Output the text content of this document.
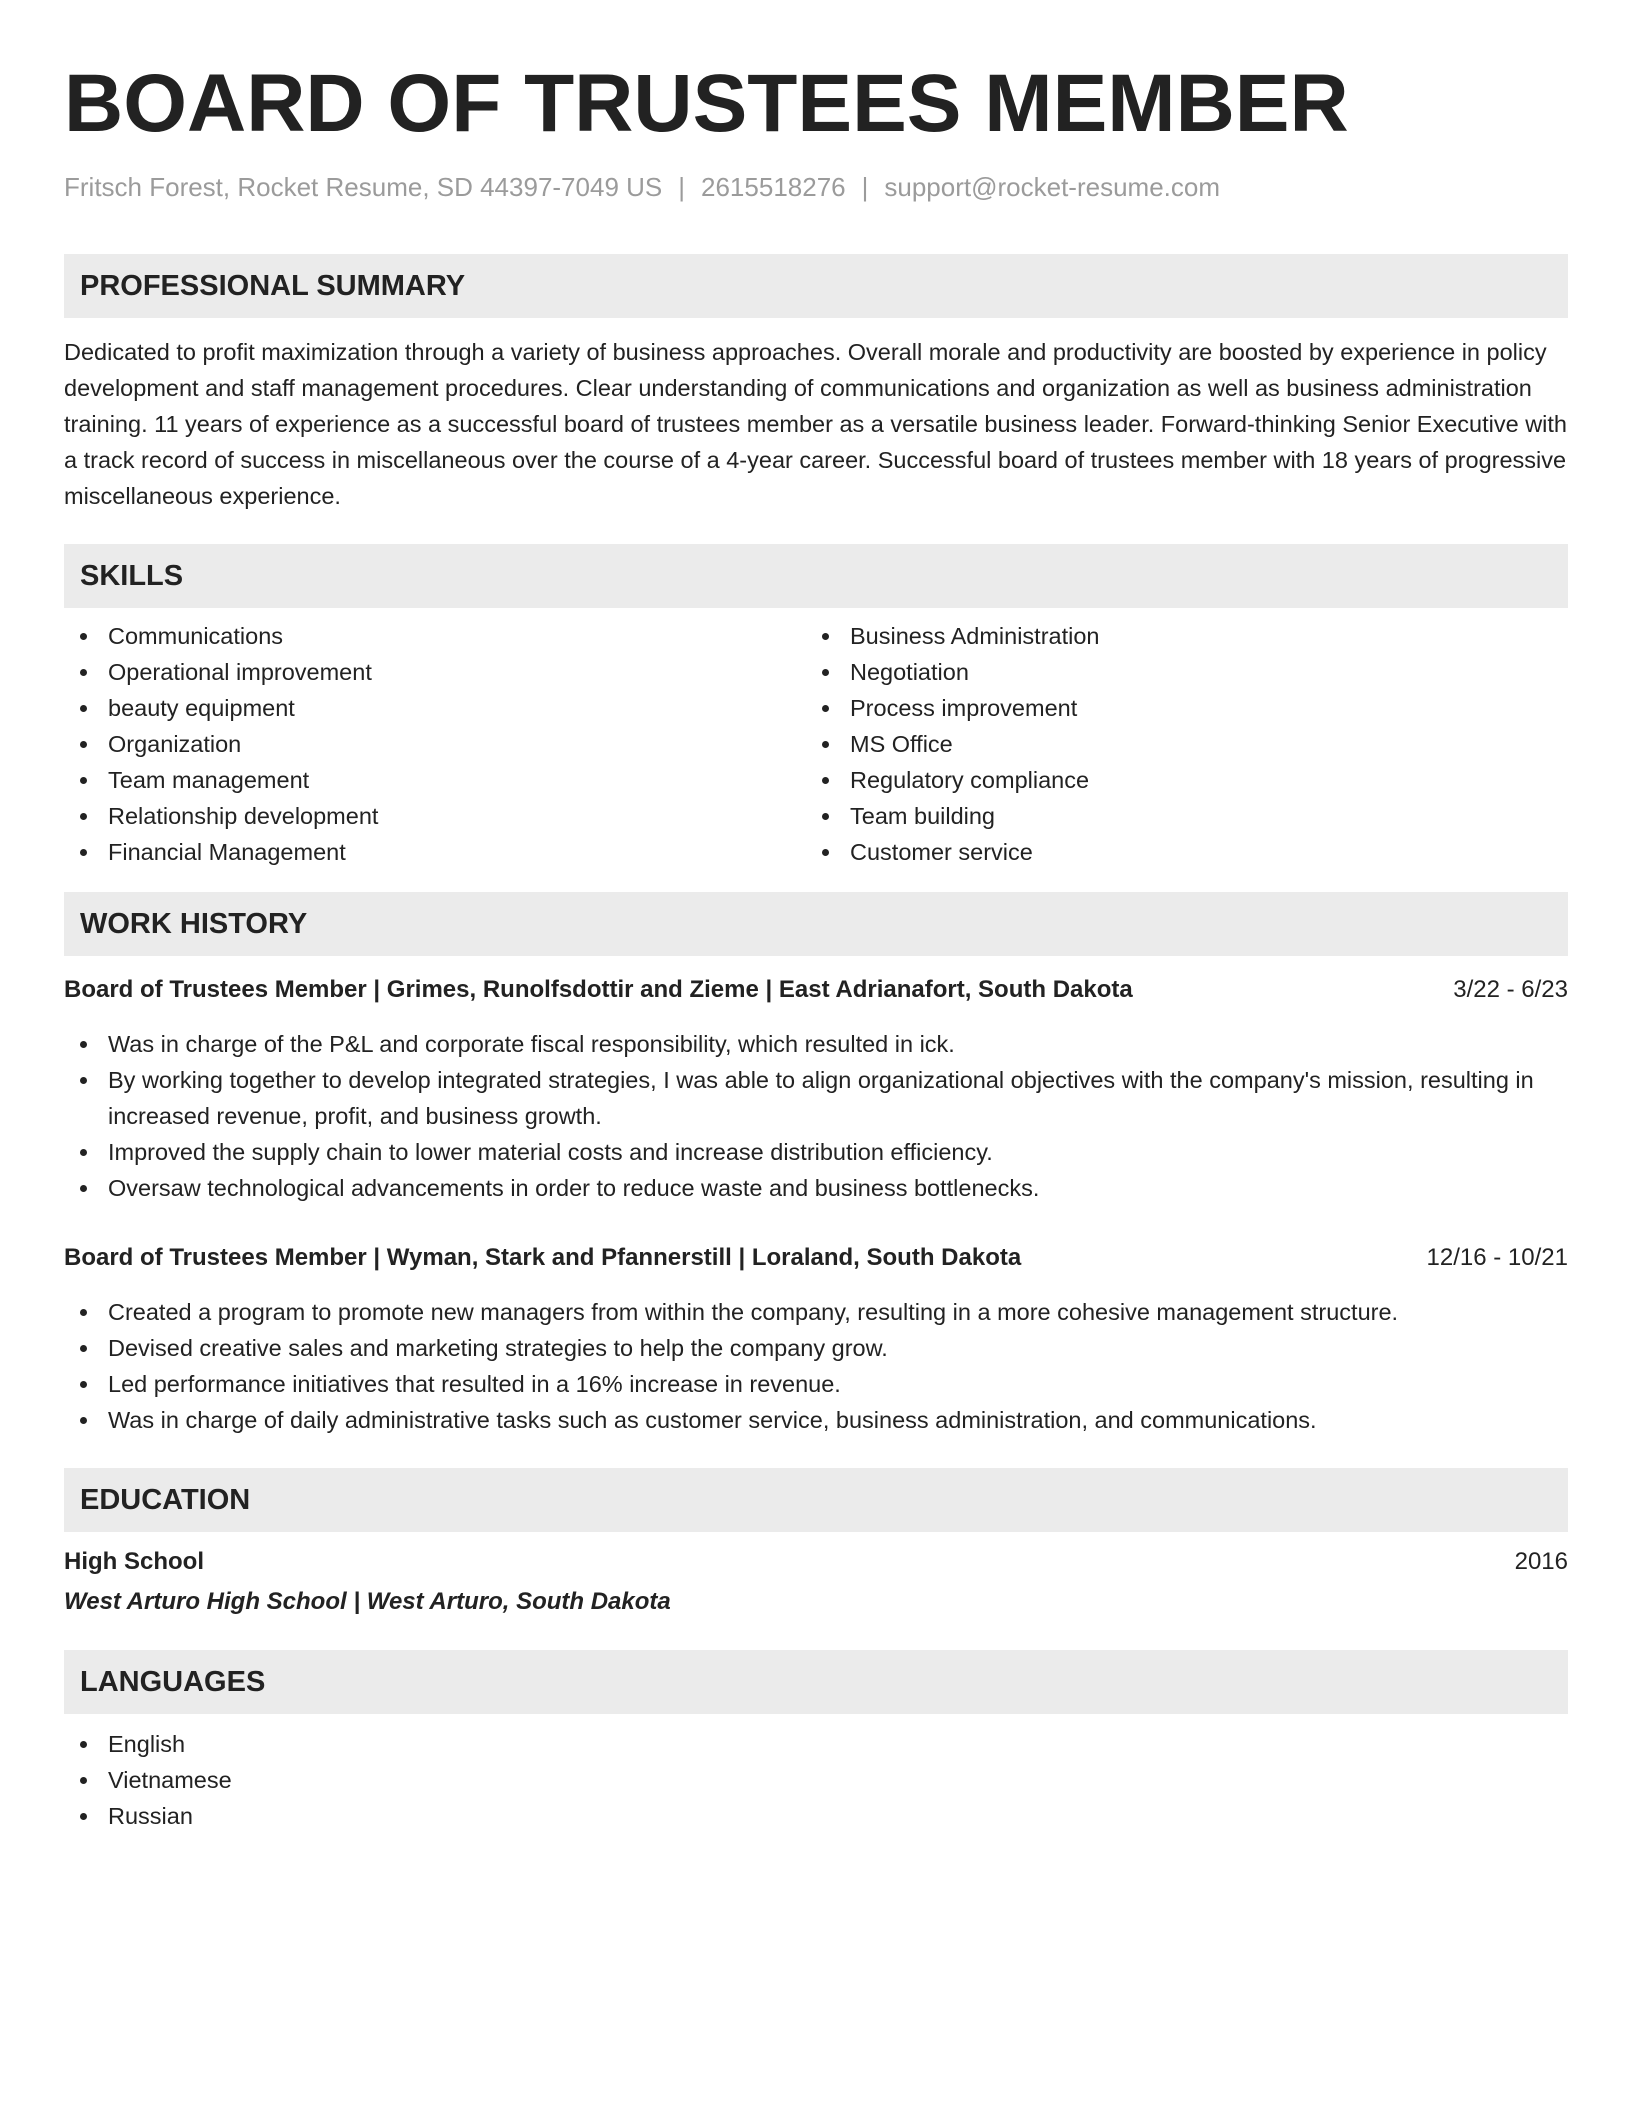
BOARD OF TRUSTEES MEMBER
Fritsch Forest, Rocket Resume, SD 44397-7049 US | 2615518276 | support@rocket-resume.com
PROFESSIONAL SUMMARY

Dedicated to profit maximization through a variety of business approaches. Overall morale and productivity are boosted by experience in policy development and staff management procedures. Clear understanding of communications and organization as well as business administration training. 11 years of experience as a successful board of trustees member as a versatile business leader. Forward-thinking Senior Executive with a track record of success in miscellaneous over the course of a 4-year career. Successful board of trustees member with 18 years of progressive miscellaneous experience.

SKILLS
Communications
Operational improvement
beauty equipment
Organization
Team management
Relationship development
Financial Management
Business Administration
Negotiation
Process improvement
MS Office
Regulatory compliance
Team building
Customer service
WORK HISTORY
Board of Trustees Member | Grimes, Runolfsdottir and Zieme | East Adrianafort, South Dakota	3/22 - 6/23
Was in charge of the P&L and corporate fiscal responsibility, which resulted in ick.
By working together to develop integrated strategies, I was able to align organizational objectives with the company's mission, resulting in increased revenue, profit, and business growth.
Improved the supply chain to lower material costs and increase distribution efficiency.
Oversaw technological advancements in order to reduce waste and business bottlenecks.
Board of Trustees Member | Wyman, Stark and Pfannerstill | Loraland, South Dakota	12/16 - 10/21
Created a program to promote new managers from within the company, resulting in a more cohesive management structure.
Devised creative sales and marketing strategies to help the company grow.
Led performance initiatives that resulted in a 16% increase in revenue.
Was in charge of daily administrative tasks such as customer service, business administration, and communications.
EDUCATION
High School	2016
West Arturo High School | West Arturo, South Dakota
LANGUAGES
English
Vietnamese
Russian
